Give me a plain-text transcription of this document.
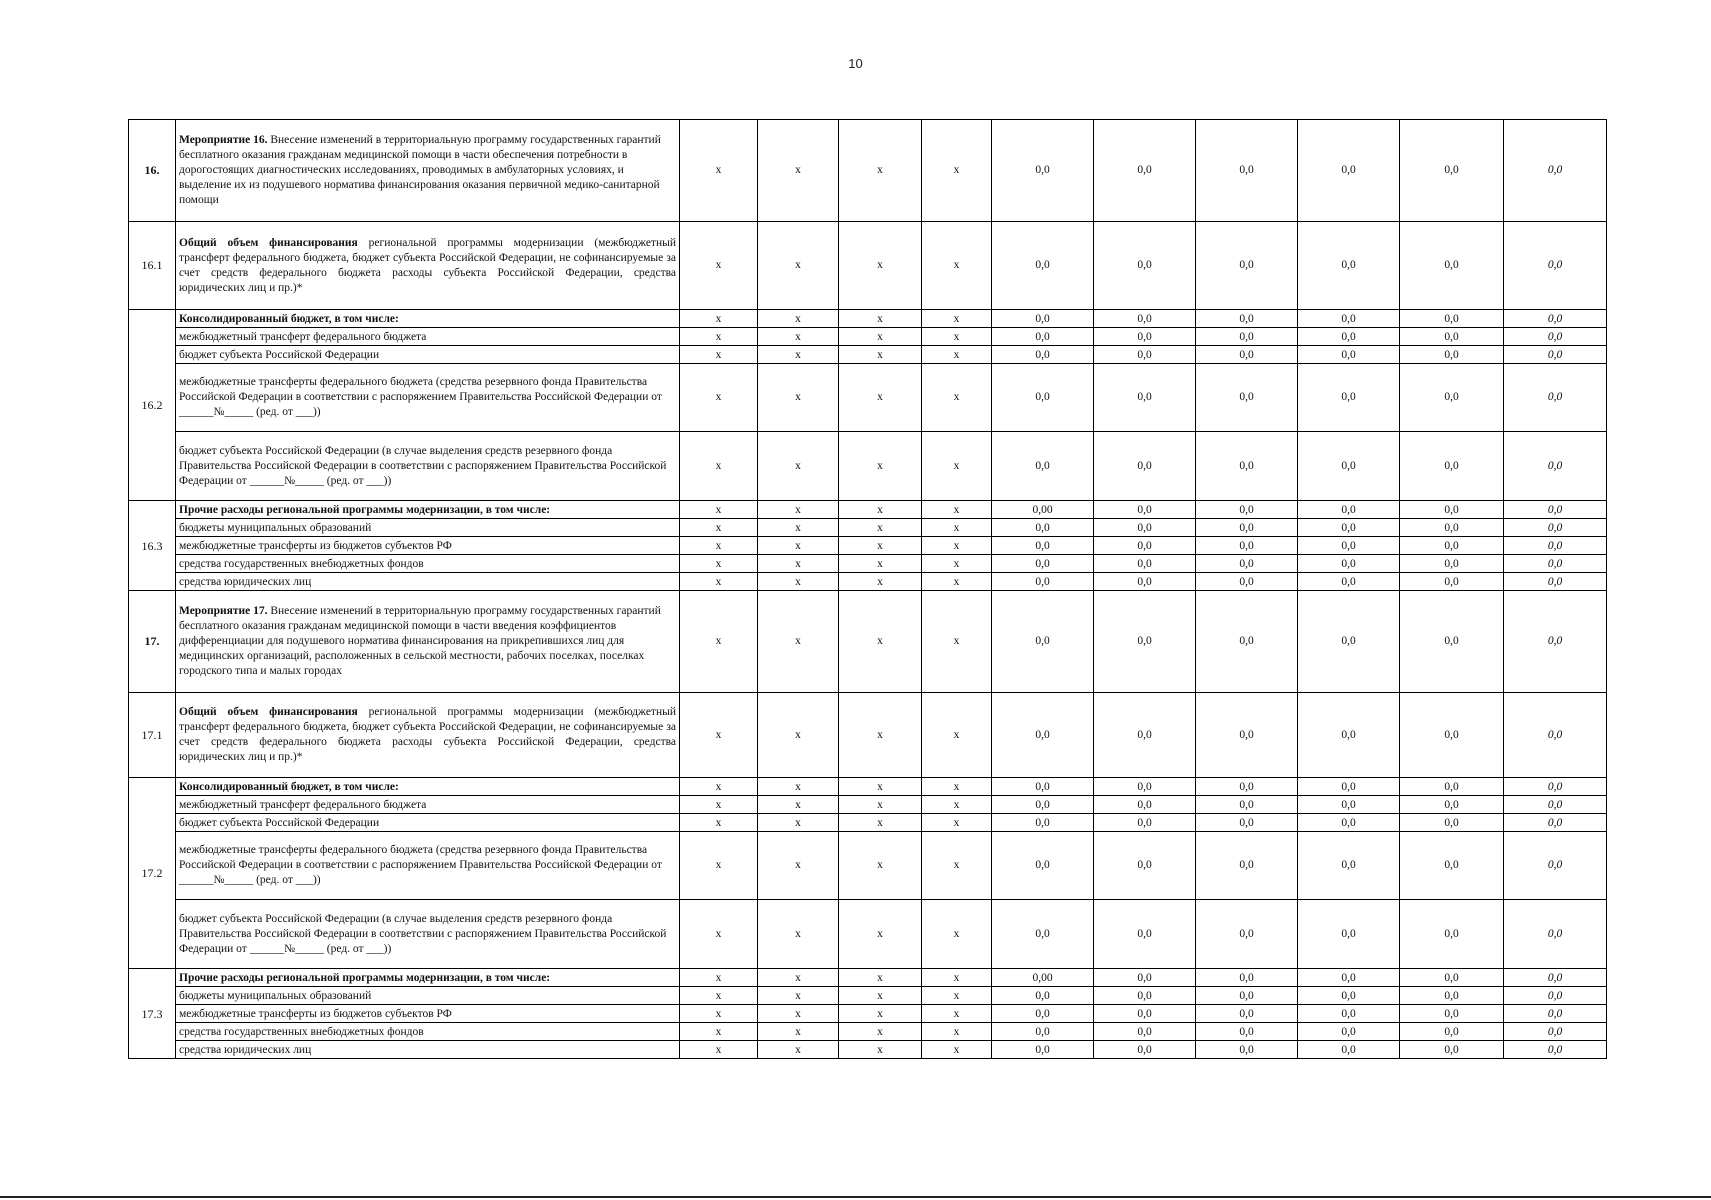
10
16.	Мероприятие 16. Внесение изменений в территориальную программу государственных гарантий бесплатного оказания гражданам медицинской помощи в части обеспечения потребности в дорогостоящих диагностических исследованиях, проводимых в амбулаторных условиях, и выделение их из подушевого норматива финансирования оказания первичной медико-санитарной помощи	х	х	х	х	0,0	0,0	0,0	0,0	0,0	0,0
16.1	Общий объем финансирования региональной программы модернизации (межбюджетный трансферт федерального бюджета, бюджет субъекта Российской Федерации, не софинансируемые за счет средств федерального бюджета расходы субъекта Российской Федерации, средства юридических лиц и пр.)*	х	х	х	х	0,0	0,0	0,0	0,0	0,0	0,0
16.2	Консолидированный бюджет, в том числе:	х	х	х	х	0,0	0,0	0,0	0,0	0,0	0,0
	межбюджетный трансферт федерального бюджета	х	х	х	х	0,0	0,0	0,0	0,0	0,0	0,0
	бюджет субъекта Российской Федерации	х	х	х	х	0,0	0,0	0,0	0,0	0,0	0,0
	межбюджетные трансферты федерального бюджета (средства резервного фонда Правительства Российской Федерации в соответствии с распоряжением Правительства Российской Федерации от ______№_____ (ред. от ___))	х	х	х	х	0,0	0,0	0,0	0,0	0,0	0,0
	бюджет субъекта Российской Федерации (в случае выделения средств резервного фонда Правительства Российской Федерации в соответствии с распоряжением Правительства Российской Федерации от ______№_____ (ред. от ___))	х	х	х	х	0,0	0,0	0,0	0,0	0,0	0,0
16.3	Прочие расходы региональной программы модернизации, в том числе:	х	х	х	х	0,00	0,0	0,0	0,0	0,0	0,0
	бюджеты муниципальных образований	х	х	х	х	0,0	0,0	0,0	0,0	0,0	0,0
	межбюджетные трансферты из бюджетов субъектов РФ	х	х	х	х	0,0	0,0	0,0	0,0	0,0	0,0
	средства государственных внебюджетных фондов	х	х	х	х	0,0	0,0	0,0	0,0	0,0	0,0
	средства юридических лиц	х	х	х	х	0,0	0,0	0,0	0,0	0,0	0,0
17.	Мероприятие 17. Внесение изменений в территориальную программу государственных гарантий бесплатного оказания гражданам медицинской помощи в части введения коэффициентов дифференциации для подушевого норматива финансирования на прикрепившихся лиц для медицинских организаций, расположенных в сельской местности, рабочих поселках, поселках городского типа и малых городах	х	х	х	х	0,0	0,0	0,0	0,0	0,0	0,0
17.1	Общий объем финансирования региональной программы модернизации (межбюджетный трансферт федерального бюджета, бюджет субъекта Российской Федерации, не софинансируемые за счет средств федерального бюджета расходы субъекта Российской Федерации, средства юридических лиц и пр.)*	х	х	х	х	0,0	0,0	0,0	0,0	0,0	0,0
17.2	Консолидированный бюджет, в том числе:	х	х	х	х	0,0	0,0	0,0	0,0	0,0	0,0
	межбюджетный трансферт федерального бюджета	х	х	х	х	0,0	0,0	0,0	0,0	0,0	0,0
	бюджет субъекта Российской Федерации	х	х	х	х	0,0	0,0	0,0	0,0	0,0	0,0
	межбюджетные трансферты федерального бюджета (средства резервного фонда Правительства Российской Федерации в соответствии с распоряжением Правительства Российской Федерации от ______№_____ (ред. от ___))	х	х	х	х	0,0	0,0	0,0	0,0	0,0	0,0
	бюджет субъекта Российской Федерации (в случае выделения средств резервного фонда Правительства Российской Федерации в соответствии с распоряжением Правительства Российской Федерации от ______№_____ (ред. от ___))	х	х	х	х	0,0	0,0	0,0	0,0	0,0	0,0
17.3	Прочие расходы региональной программы модернизации, в том числе:	х	х	х	х	0,00	0,0	0,0	0,0	0,0	0,0
	бюджеты муниципальных образований	х	х	х	х	0,0	0,0	0,0	0,0	0,0	0,0
	межбюджетные трансферты из бюджетов субъектов РФ	х	х	х	х	0,0	0,0	0,0	0,0	0,0	0,0
	средства государственных внебюджетных фондов	х	х	х	х	0,0	0,0	0,0	0,0	0,0	0,0
	средства юридических лиц	х	х	х	х	0,0	0,0	0,0	0,0	0,0	0,0
